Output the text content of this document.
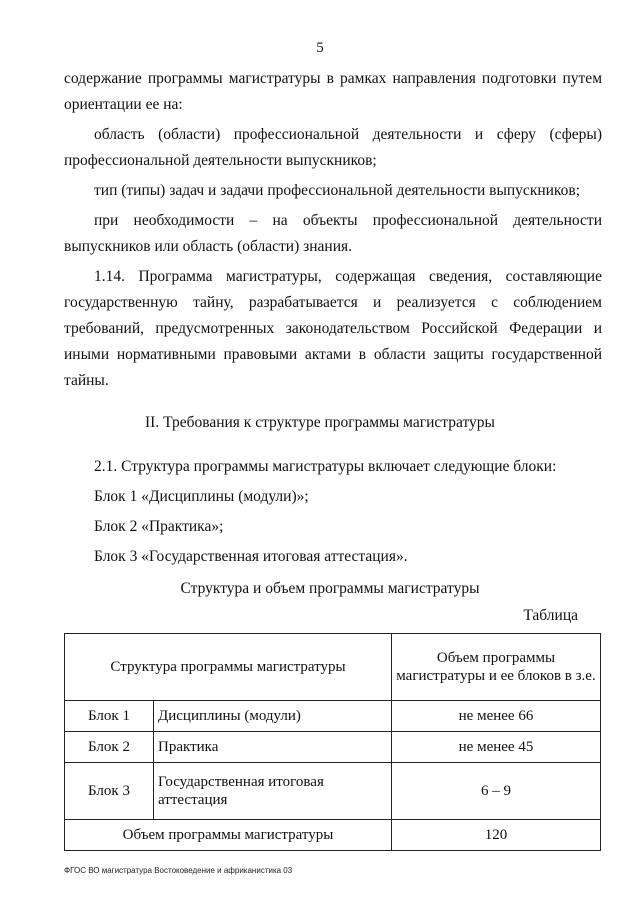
5

содержание программы магистратуры в рамках направления подготовки путем ориентации ее на:

область (области) профессиональной деятельности и сферу (сферы) профессиональной деятельности выпускников;

тип (типы) задач и задачи профессиональной деятельности выпускников;

при необходимости – на объекты профессиональной деятельности выпускников или область (области) знания.

1.14. Программа магистратуры, содержащая сведения, составляющие государственную тайну, разрабатывается и реализуется с соблюдением требований, предусмотренных законодательством Российской Федерации и иными нормативными правовыми актами в области защиты государственной тайны.

II. Требования к структуре программы магистратуры
2.1. Структура программы магистратуры включает следующие блоки:
Блок 1 «Дисциплины (модули)»;
Блок 2 «Практика»;
Блок 3 «Государственная итоговая аттестация».
Структура и объем программы магистратуры
Таблица
Структура программы магистратуры		Объем программы магистратуры и ее блоков в з.е.
Блок 1	Дисциплины (модули)	не менее 66
Блок 2	Практика	не менее 45
Блок 3	Государственная итоговая аттестация	6 – 9
Объем программы магистратуры		120
ФГОС ВО магистратура Востоковедение и африканистика 03
